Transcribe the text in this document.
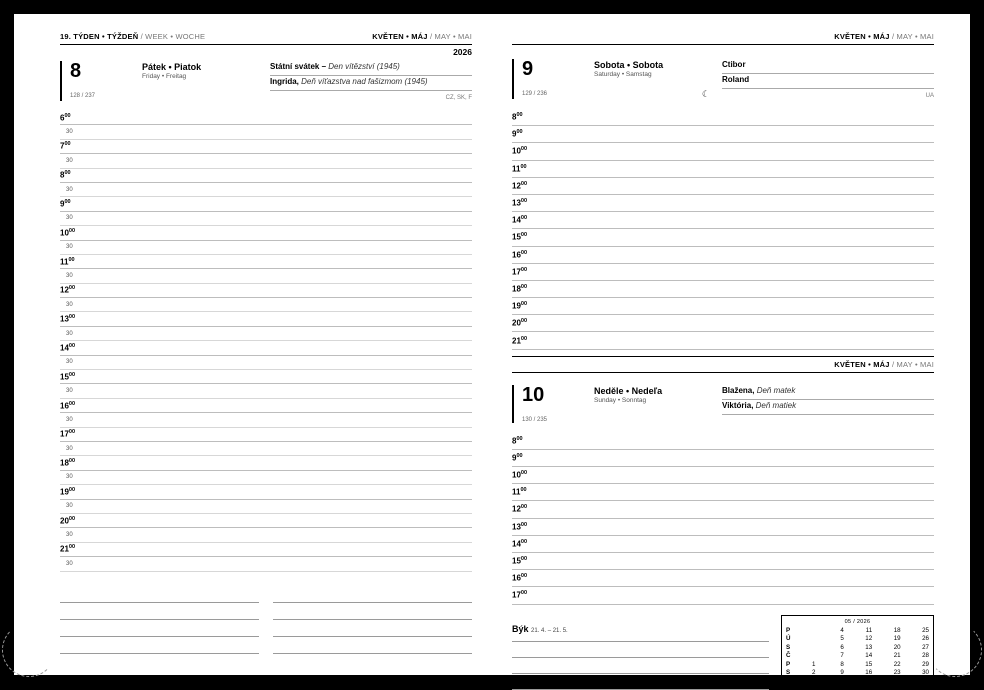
19. TÝDEN • TÝŽDEŇ / WEEK • WOCHE	KVĚTEN • MÁJ / MAY • MAI
2026
8
128 / 237
Pátek • Piatok
Friday • Freitag
Státní svátek – Den vítězství (1945)
Ingrida, Deň víťazstva nad fašizmom (1945)
CZ, SK, F
$6^{00}$
30
$7^{00}$
30
$8^{00}$
30
$9^{00}$
30
$10^{00}$
30
$11^{00}$
30
$12^{00}$
30
$13^{00}$
30
$14^{00}$
30
$15^{00}$
30
$16^{00}$
30
$17^{00}$
30
$18^{00}$
30
$19^{00}$
30
$20^{00}$
30
$21^{00}$
30
KVĚTEN • MÁJ / MAY • MAI
9
129 / 236
Sobota • Sobota
Saturday • Samstag
☾
Ctibor
Roland
UA
$8^{00}$
$9^{00}$
$10^{00}$
$11^{00}$
$12^{00}$
$13^{00}$
$14^{00}$
$15^{00}$
$16^{00}$
$17^{00}$
$18^{00}$
$19^{00}$
$20^{00}$
$21^{00}$
KVĚTEN • MÁJ / MAY • MAI
10
130 / 235
Neděle • Nedeľa
Sunday • Sonntag
Blažena, Deň matek
Viktória, Deň matiek
$8^{00}$
$9^{00}$
$10^{00}$
$11^{00}$
$12^{00}$
$13^{00}$
$14^{00}$
$15^{00}$
$16^{00}$
$17^{00}$
Býk 21. 4. – 21. 5.
05 / 2026
P		4	11	18	25
Ú		5	12	19	26
S		6	13	20	27
Č		7	14	21	28
P	1	8	15	22	29
S	2	9	16	23	30
N	3	10	17	24	31
